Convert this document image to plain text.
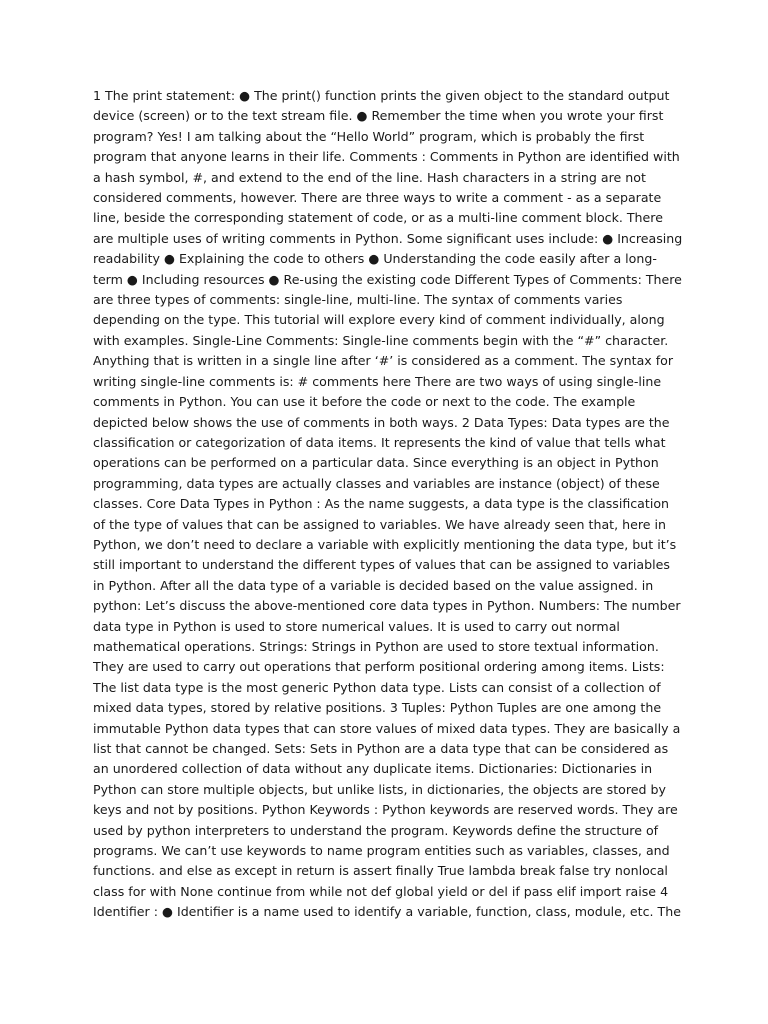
1 The print statement: ● The print() function prints the given object to the standard output device (screen) or to the text stream file. ● Remember the time when you wrote your first program? Yes! I am talking about the “Hello World” program, which is probably the first program that anyone learns in their life. Comments : Comments in Python are identified with a hash symbol, #, and extend to the end of the line. Hash characters in a string are not considered comments, however. There are three ways to write a comment - as a separate line, beside the corresponding statement of code, or as a multi-line comment block. There are multiple uses of writing comments in Python. Some significant uses include: ● Increasing readability ● Explaining the code to others ● Understanding the code easily after a long-term ● Including resources ● Re-using the existing code Different Types of Comments: There are three types of comments: single-line, multi-line. The syntax of comments varies depending on the type. This tutorial will explore every kind of comment individually, along with examples. Single-Line Comments: Single-line comments begin with the “#” character. Anything that is written in a single line after ‘#’ is considered as a comment. The syntax for writing single-line comments is: # comments here There are two ways of using single-line comments in Python. You can use it before the code or next to the code. The example depicted below shows the use of comments in both ways. 2 Data Types: Data types are the classification or categorization of data items. It represents the kind of value that tells what operations can be performed on a particular data. Since everything is an object in Python programming, data types are actually classes and variables are instance (object) of these classes. Core Data Types in Python : As the name suggests, a data type is the classification of the type of values that can be assigned to variables. We have already seen that, here in Python, we don’t need to declare a variable with explicitly mentioning the data type, but it’s still important to understand the different types of values that can be assigned to variables in Python. After all the data type of a variable is decided based on the value assigned. in python: Let’s discuss the above-mentioned core data types in Python. Numbers: The number data type in Python is used to store numerical values. It is used to carry out normal mathematical operations. Strings: Strings in Python are used to store textual information. They are used to carry out operations that perform positional ordering among items. Lists: The list data type is the most generic Python data type. Lists can consist of a collection of mixed data types, stored by relative positions. 3 Tuples: Python Tuples are one among the immutable Python data types that can store values of mixed data types. They are basically a list that cannot be changed. Sets: Sets in Python are a data type that can be considered as an unordered collection of data without any duplicate items. Dictionaries: Dictionaries in Python can store multiple objects, but unlike lists, in dictionaries, the objects are stored by keys and not by positions. Python Keywords : Python keywords are reserved words. They are used by python interpreters to understand the program. Keywords define the structure of programs. We can’t use keywords to name program entities such as variables, classes, and functions. and else as except in return is assert finally True lambda break false try nonlocal class for with None continue from while not def global yield or del if pass elif import raise 4 Identifier : ● Identifier is a name used to identify a variable, function, class, module, etc. The
